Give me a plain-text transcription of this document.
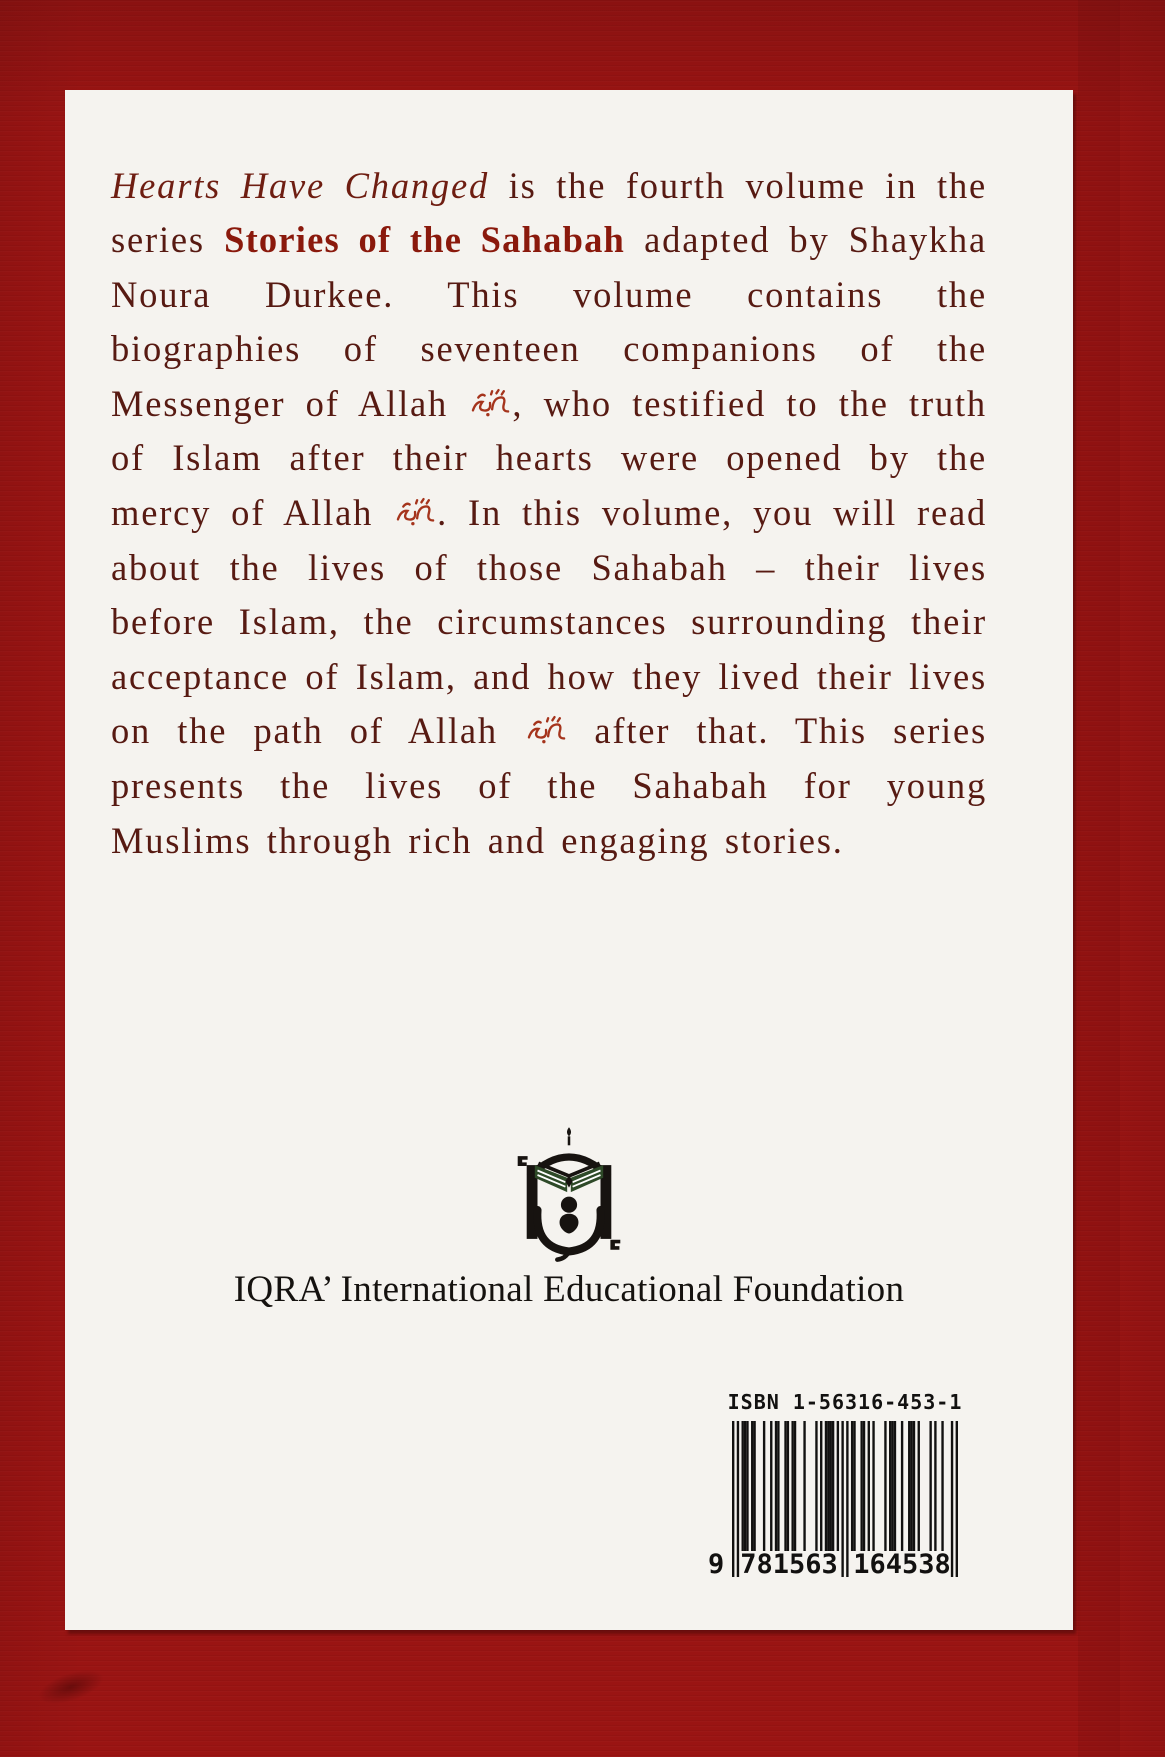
Hearts Have Changed is the fourth volume in the series Stories of the Sahabah adapted by Shaykha Noura Durkee. This volume contains the biographies of seventeen companions of the Messenger of Allah , who testified to the truth of Islam after their hearts were opened by the mercy of Allah . In this volume, you will read about the lives of those Sahabah – their lives before Islam, the circumstances surrounding their acceptance of Islam, and how they lived their lives on the path of Allah  after that. This series presents the lives of the Sahabah for young Muslims through rich and engaging stories.

IQRA’ International Educational Foundation
ISBN 1-56316-453-1
9 781563 164538
